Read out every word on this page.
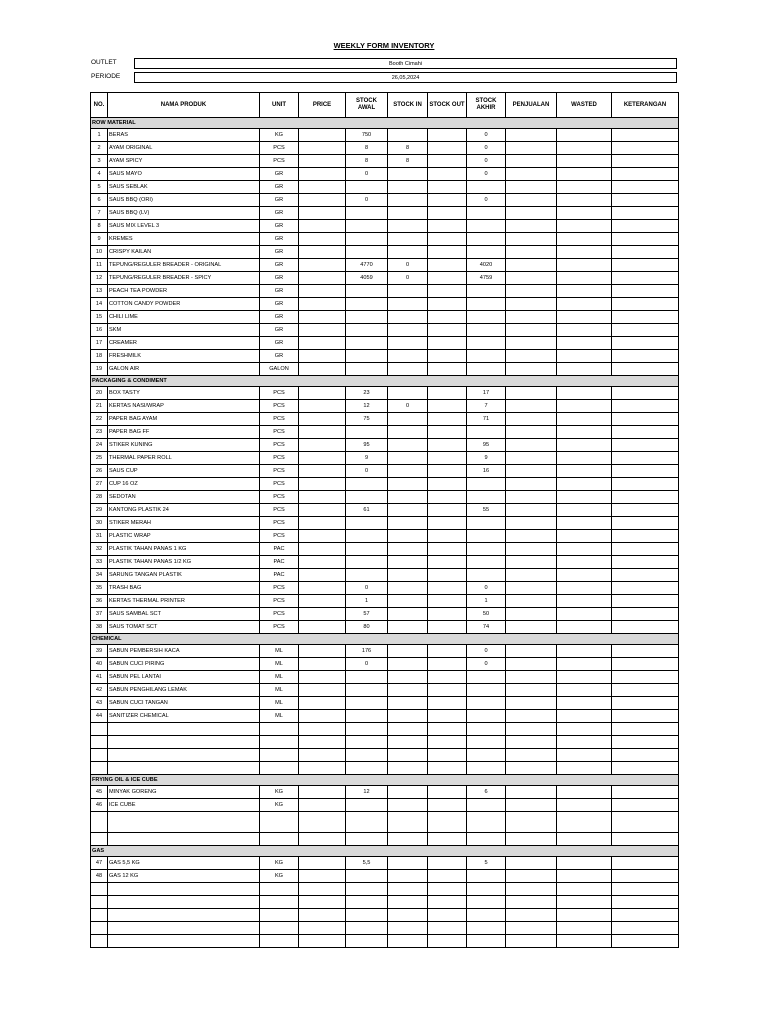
WEEKLY FORM INVENTORY
OUTLET	Booth Cimahi
PERIODE	26,05,2024
NO.	NAMA PRODUK	UNIT	PRICE	STOCK AWAL	STOCK IN	STOCK OUT	STOCK AKHIR	PENJUALAN	WASTED	KETERANGAN
ROW MATERIAL										
1	BERAS	KG		750			0			
2	AYAM ORIGINAL	PCS		8	8		0			
3	AYAM SPICY	PCS		8	8		0			
4	SAUS MAYO	GR		0			0			
5	SAUS SEBLAK	GR								
6	SAUS BBQ (ORI)	GR		0			0			
7	SAUS BBQ (LV)	GR								
8	SAUS MIX LEVEL 3	GR								
9	KREMES	GR								
10	CRISPY KAILAN	GR								
11	TEPUNG/REGULER BREADER - ORIGINAL	GR		4770	0		4020			
12	TEPUNG/REGULER BREADER - SPICY	GR		4059	0		4759			
13	PEACH TEA POWDER	GR								
14	COTTON CANDY POWDER	GR								
15	CHILI LIME	GR								
16	SKM	GR								
17	CREAMER	GR								
18	FRESHMILK	GR								
19	GALON AIR	GALON								
PACKAGING & CONDIMENT										
20	BOX TASTY	PCS		23			17			
21	KERTAS NASI/WRAP	PCS		12	0		7			
22	PAPER BAG AYAM	PCS		75			71			
23	PAPER BAG FF	PCS								
24	STIKER KUNING	PCS		95			95			
25	THERMAL PAPER ROLL	PCS		9			9			
26	SAUS CUP	PCS		0			16			
27	CUP 16 OZ	PCS								
28	SEDOTAN	PCS								
29	KANTONG PLASTIK 24	PCS		61			55			
30	STIKER MERAH	PCS								
31	PLASTIC WRAP	PCS								
32	PLASTIK TAHAN PANAS 1 KG	PAC								
33	PLASTIK TAHAN PANAS 1/2 KG	PAC								
34	SARUNG TANGAN PLASTIK	PAC								
35	TRASH BAG	PCS		0			0			
36	KERTAS THERMAL PRINTER	PCS		1			1			
37	SAUS SAMBAL SCT	PCS		57			50			
38	SAUS TOMAT SCT	PCS		80			74			
CHEMICAL										
39	SABUN PEMBERSIH KACA	ML		176			0			
40	SABUN CUCI PIRING	ML		0			0			
41	SABUN PEL LANTAI	ML								
42	SABUN PENGHILANG LEMAK	ML								
43	SABUN CUCI TANGAN	ML								
44	SANITIZER CHEMICAL	ML								

FRYING OIL & ICE CUBE										
45	MINYAK GORENG	KG		12			6			
46	ICE CUBE	KG								

GAS										
47	GAS 5,5 KG	KG		5,5			5			
48	GAS 12 KG	KG								
